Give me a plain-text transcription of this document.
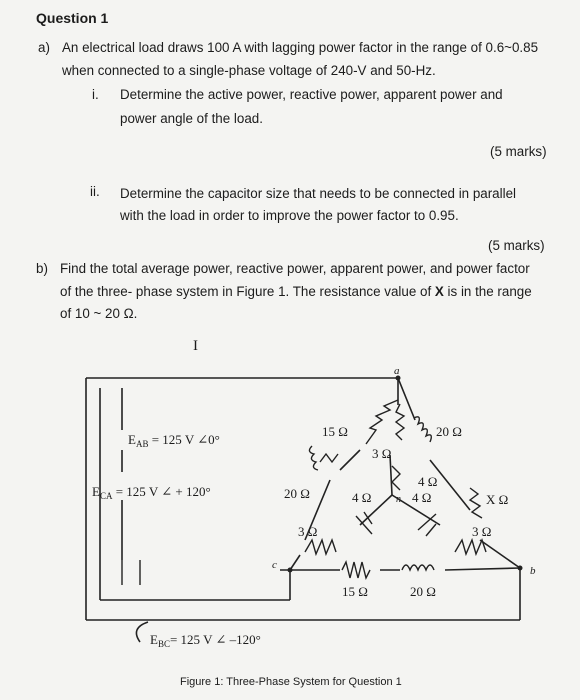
Question 1
a) An electrical load draws 100 A with lagging power factor in the range of 0.6~0.85
when connected to a single-phase voltage of 240-V and 50-Hz.
i. Determine the active power, reactive power, apparent power and
power angle of the load.
(5 marks)
ii. Determine the capacitor size that needs to be connected in parallel
with the load in order to improve the power factor to 0.95.
(5 marks)
b) Find the total average power, reactive power, apparent power, and power factor
of the three- phase system in Figure 1. The resistance value of X is in the range
of 10 ~ 20 Ω.
I
$E_{AB} = 125$ V ∠0°
$E_{CA} = 125$ V ∠ + 120°
$E_{BC}= 125$ V ∠ –120°
a
b
c
15 Ω
3 Ω
20 Ω
4 Ω
4 Ω	4 Ω
n	X Ω
20 Ω
3 Ω	3 Ω
15 Ω	20 Ω
Figure 1: Three-Phase System for Question 1
